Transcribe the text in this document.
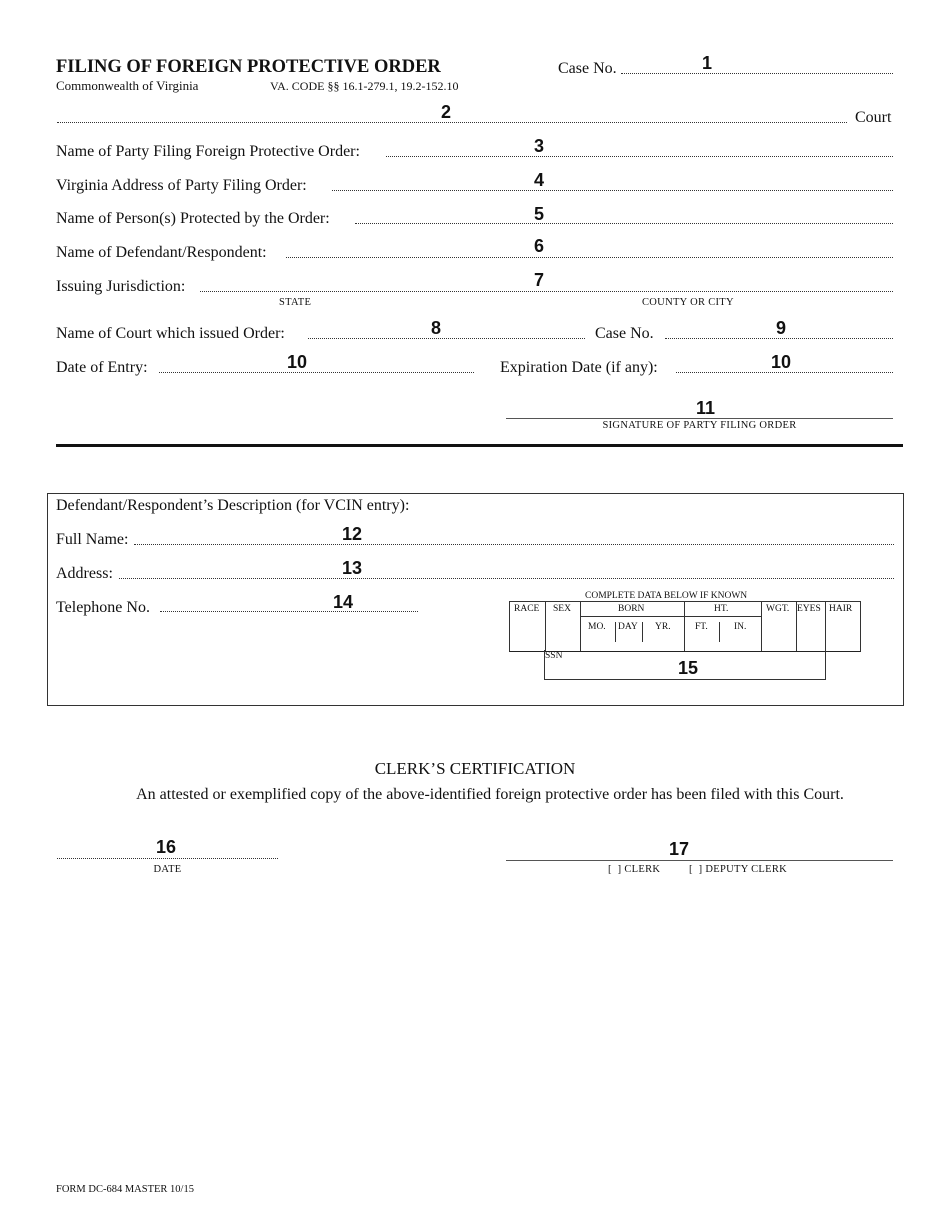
FILING OF FOREIGN PROTECTIVE ORDER
Commonwealth of Virginia	VA. CODE §§ 16.1-279.1, 19.2-152.10
Case No.	1
2	Court
Name of Party Filing Foreign Protective Order:	3
Virginia Address of Party Filing Order:	4
Name of Person(s) Protected by the Order:	5
Name of Defendant/Respondent:	6
Issuing Jurisdiction:	7
STATE	COUNTY OR CITY
Name of Court which issued Order:	8	Case No.	9
Date of Entry:	10	Expiration Date (if any):	10
11
SIGNATURE OF PARTY FILING ORDER
Defendant/Respondent’s Description (for VCIN entry):
Full Name:	12
Address:	13
Telephone No.	14	COMPLETE DATA BELOW IF KNOWN
RACE SEX	BORN
MO. DAY YR.
HT.
FT.	IN.
WGT. EYES HAIR
SSN
15
CLERK’S CERTIFICATION
An attested or exemplified copy of the above-identified foreign protective order has been filed with this Court.
16
DATE
17
[  ] CLERK	[  ] DEPUTY CLERK
FORM DC-684 MASTER 10/15
